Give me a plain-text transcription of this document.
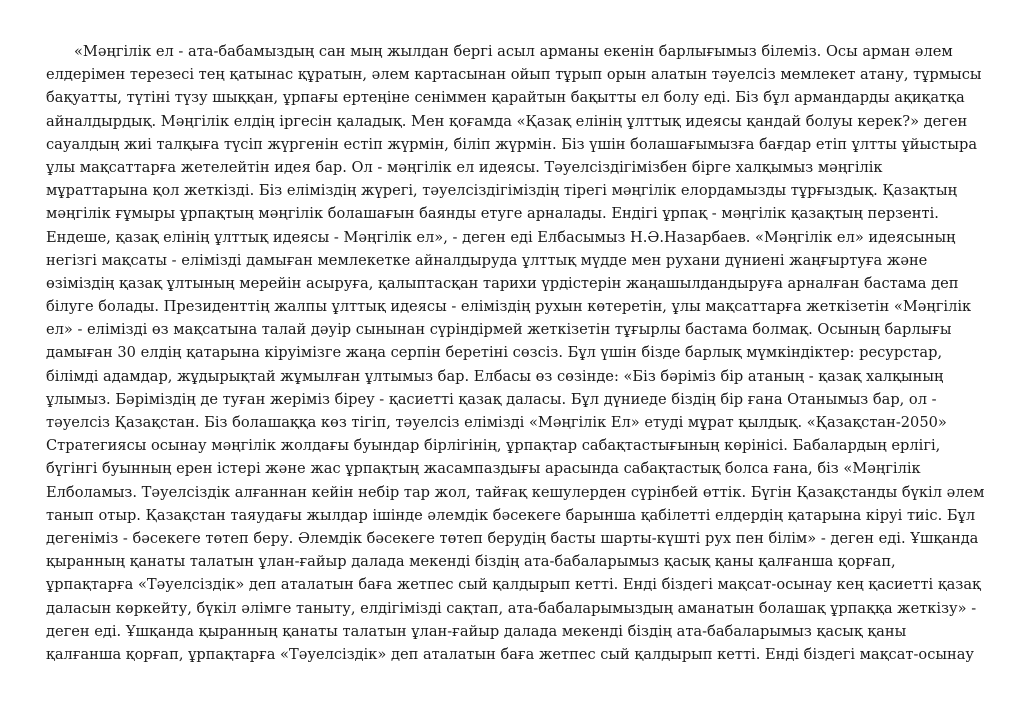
«Мәңгілік ел - ата-бабамыздың сан мың жылдан бергі асыл арманы екенін барлығымыз білеміз. Осы арман әлем
елдерімен терезесі тең қатынас құратын, әлем картасынан ойып тұрып орын алатын тәуелсіз мемлекет атану, тұрмысы
бақуатты, түтіні түзу шыққан, ұрпағы ертеңіне сеніммен қарайтын бақытты ел болу еді. Біз бұл армандарды ақиқатқа
айналдырдық. Мәңгілік елдің іргесін қаладық. Мен қоғамда «Қазақ елінің ұлттық идеясы қандай болуы керек?» деген
сауалдың жиі талқыға түсіп жүргенін естіп жүрмін, біліп жүрмін. Біз үшін болашағымызға бағдар етіп ұлтты ұйыстыра
ұлы мақсаттарға жетелейтін идея бар. Ол - мәңгілік ел идеясы. Тәуелсіздігімізбен бірге халқымыз мәңгілік
мұраттарына қол жеткізді. Біз еліміздің жүрегі, тәуелсіздігіміздің тірегі мәңгілік елордамызды тұрғыздық. Қазақтың
мәңгілік ғұмыры ұрпақтың мәңгілік болашағын баянды етуге арналады. Ендігі ұрпақ - мәңгілік қазақтың перзенті.
Ендеше, қазақ елінің ұлттық идеясы - Мәңгілік ел», - деген еді Елбасымыз Н.Ә.Назарбаев. «Мәңгілік ел» идеясының
негізгі мақсаты - елімізді дамыған мемлекетке айналдыруда ұлттық мүдде мен рухани дүниені жаңғыртуға және
өзіміздің қазақ ұлтының мерейін асыруға, қалыптасқан тарихи үрдістерін жаңашылдандыруға арналған бастама деп
білуге болады. Президенттің жалпы ұлттық идеясы - еліміздің рухын көтеретін, ұлы мақсаттарға жеткізетін «Мәңгілік
ел» - елімізді өз мақсатына талай дәуір сынынан сүріндірмей жеткізетін тұғырлы бастама болмақ. Осының барлығы
дамыған 30 елдің қатарына кіруімізге жаңа серпін беретіні сөзсіз. Бұл үшін бізде барлық мүмкіндіктер: ресурстар,
білімді адамдар, жұдырықтай жұмылған ұлтымыз бар. Елбасы өз сөзінде: «Біз бәріміз бір атаның - қазақ халқының
ұлымыз. Бәріміздің де туған жеріміз біреу - қасиетті қазақ даласы. Бұл дүниеде біздің бір ғана Отанымыз бар, ол -
тәуелсіз Қазақстан. Біз болашаққа көз тігіп, тәуелсіз елімізді «Мәңгілік Ел» етуді мұрат қылдық. «Қазақстан-2050»
Стратегиясы осынау мәңгілік жолдағы буындар бірлігінің, ұрпақтар сабақтастығының көрінісі. Бабалардың ерлігі,
бүгінгі буынның ерен істері және жас ұрпақтың жасампаздығы арасында сабақтастық болса ғана, біз «Мәңгілік
Елболамыз. Тәуелсіздік алғаннан кейін небір тар жол, тайғақ кешулерден сүрінбей өттік. Бүгін Қазақстанды бүкіл әлем
танып отыр. Қазақстан таяудағы жылдар ішінде әлемдік бәсекеге барынша қабілетті елдердің қатарына кіруі тиіс. Бұл
дегеніміз - бәсекеге төтеп беру. Әлемдік бәсекеге төтеп берудің басты шарты-күшті рух пен білім» - деген еді. Ұшқанда
қыранның қанаты талатын ұлан-ғайыр далада мекенді біздің ата-бабаларымыз қасық қаны қалғанша қорғап,
ұрпақтарға «Тәуелсіздік» деп аталатын баға жетпес сый қалдырып кетті. Енді біздегі мақсат-осынау кең қасиетті қазақ
даласын көркейту, бүкіл әлімге таныту, елдігімізді сақтап, ата-бабаларымыздың аманатын болашақ ұрпаққа жеткізу» -
деген еді. Ұшқанда қыранның қанаты талатын ұлан-ғайыр далада мекенді біздің ата-бабаларымыз қасық қаны
қалғанша қорғап, ұрпақтарға «Тәуелсіздік» деп аталатын баға жетпес сый қалдырып кетті. Енді біздегі мақсат-осынау
